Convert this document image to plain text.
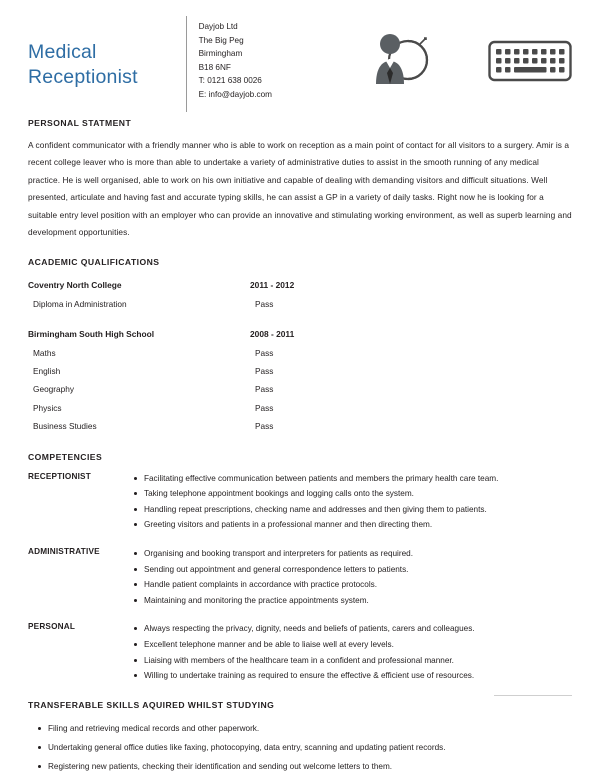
Medical
Receptionist
Dayjob Ltd
The Big Peg
Birmingham
B18 6NF
T: 0121 638 0026
E: info@dayjob.com
PERSONAL STATMENT
A confident communicator with a friendly manner who is able to work on reception as a main point of contact for all visitors to a surgery. Amir is a recent college leaver who is more than able to undertake a variety of administrative duties to assist in the smooth running of any medical practice. He is well organised, able to work on his own initiative and capable of dealing with demanding visitors and difficult situations. Well presented, articulate and having fast and accurate typing skills, he can assist a GP in a variety of daily tasks. Right now he is looking for a suitable entry level position with an employer who can provide an innovative and stimulating working environment, as well as superb learning and development opportunities.
ACADEMIC QUALIFICATIONS
Coventry North College	2011 - 2012
Diploma in Administration	Pass
Birmingham South High School	2008 - 2011
Maths	Pass
English	Pass
Geography	Pass
Physics	Pass
Business Studies	Pass
COMPETENCIES
RECEPTIONIST	Facilitating effective communication between patients and members the primary health care team.
Taking telephone appointment bookings and logging calls onto the system.
Handling repeat prescriptions, checking name and addresses and then giving them to patients.
Greeting visitors and patients in a professional manner and then directing them.
ADMINISTRATIVE	Organising and booking transport and interpreters for patients as required.
Sending out appointment and general correspondence letters to patients.
Handle patient complaints in accordance with practice protocols.
Maintaining and monitoring the practice appointments system.
PERSONAL	Always respecting the privacy, dignity, needs and beliefs of patients, carers and colleagues.
Excellent telephone manner and be able to liaise well at every levels.
Liaising with members of the healthcare team in a confident and professional manner.
Willing to undertake training as required to ensure the effective & efficient use of resources.
TRANSFERABLE SKILLS AQUIRED WHILST STUDYING
Filing and retrieving medical records and other paperwork.
Undertaking general office duties like faxing, photocopying, data entry, scanning and updating patient records.
Registering new patients, checking their identification and sending out welcome letters to them.
